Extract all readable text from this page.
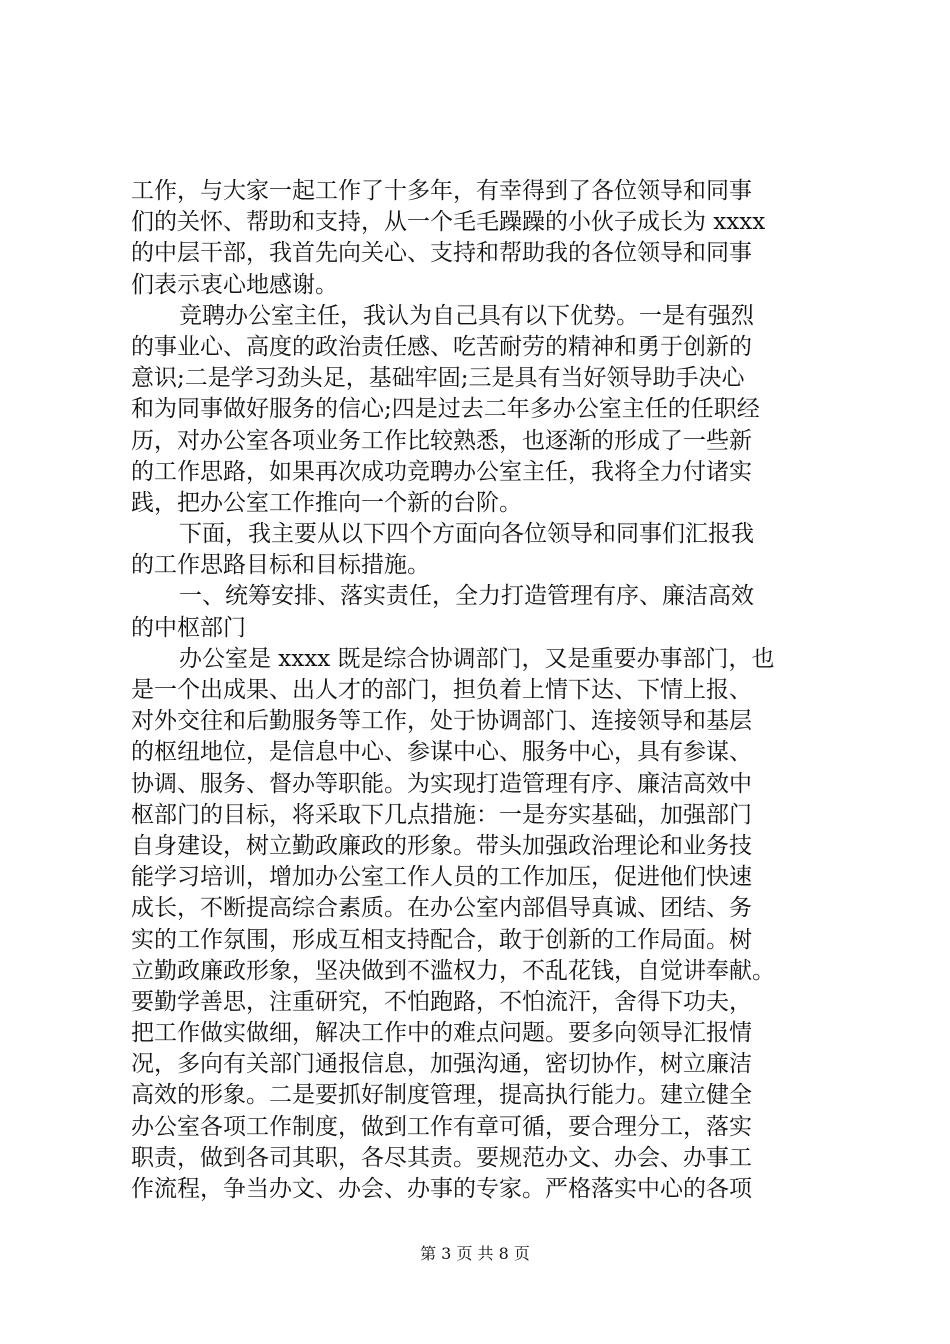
工作，与大家一起工作了十多年，有幸得到了各位领导和同事
们的关怀、帮助和支持，从一个毛毛躁躁的小伙子成长为 xxxx
的中层干部，我首先向关心、支持和帮助我的各位领导和同事
们表示衷心地感谢。
竞聘办公室主任，我认为自己具有以下优势。一是有强烈
的事业心、高度的政治责任感、吃苦耐劳的精神和勇于创新的
意识;二是学习劲头足，基础牢固;三是具有当好领导助手决心
和为同事做好服务的信心;四是过去二年多办公室主任的任职经
历，对办公室各项业务工作比较熟悉，也逐渐的形成了一些新
的工作思路，如果再次成功竞聘办公室主任，我将全力付诸实
践，把办公室工作推向一个新的台阶。
下面，我主要从以下四个方面向各位领导和同事们汇报我
的工作思路目标和目标措施。
一、统筹安排、落实责任，全力打造管理有序、廉洁高效
的中枢部门
办公室是 xxxx 既是综合协调部门，又是重要办事部门，也
是一个出成果、出人才的部门，担负着上情下达、下情上报、
对外交往和后勤服务等工作，处于协调部门、连接领导和基层
的枢纽地位，是信息中心、参谋中心、服务中心，具有参谋、
协调、服务、督办等职能。为实现打造管理有序、廉洁高效中
枢部门的目标，将采取下几点措施：一是夯实基础，加强部门
自身建设，树立勤政廉政的形象。带头加强政治理论和业务技
能学习培训，增加办公室工作人员的工作加压，促进他们快速
成长，不断提高综合素质。在办公室内部倡导真诚、团结、务
实的工作氛围，形成互相支持配合，敢于创新的工作局面。树
立勤政廉政形象，坚决做到不滥权力，不乱花钱，自觉讲奉献。
要勤学善思，注重研究，不怕跑路，不怕流汗，舍得下功夫，
把工作做实做细，解决工作中的难点问题。要多向领导汇报情
况，多向有关部门通报信息，加强沟通，密切协作，树立廉洁
高效的形象。二是要抓好制度管理，提高执行能力。建立健全
办公室各项工作制度，做到工作有章可循，要合理分工，落实
职责，做到各司其职，各尽其责。要规范办文、办会、办事工
作流程，争当办文、办会、办事的专家。严格落实中心的各项
第 3 页 共 8 页
